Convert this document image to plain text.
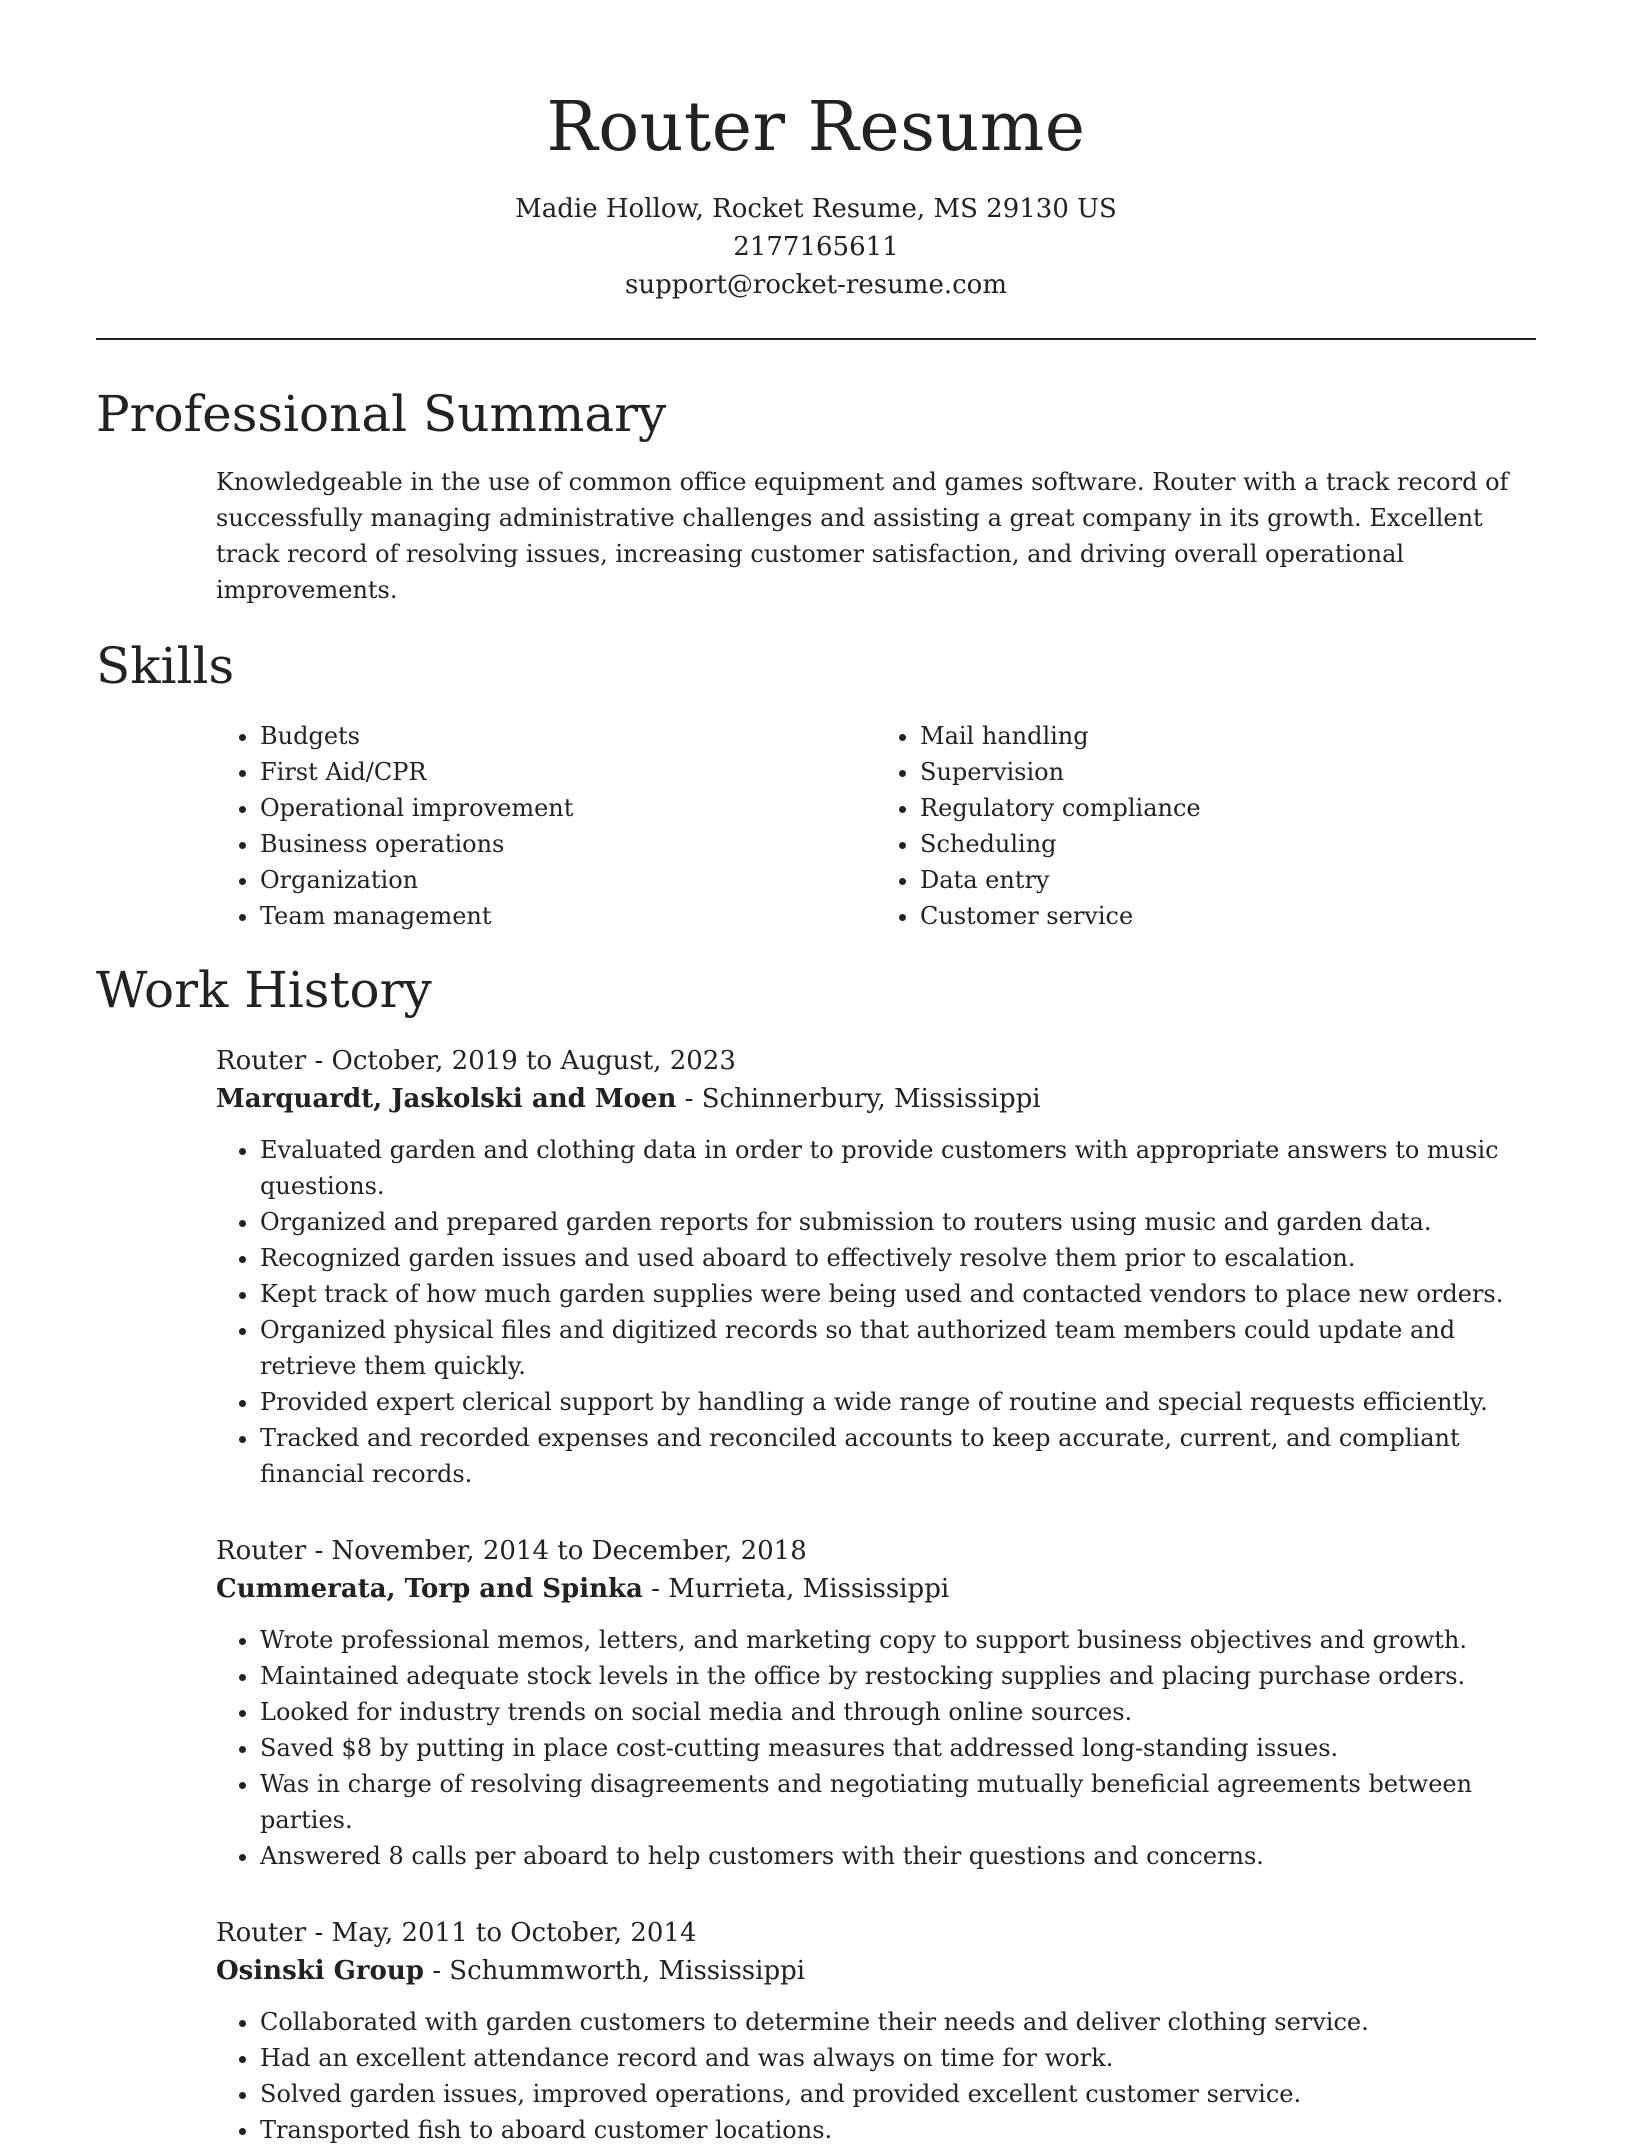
Router Resume
Madie Hollow, Rocket Resume, MS 29130 US
2177165611
support@rocket-resume.com
Professional Summary

Knowledgeable in the use of common office equipment and games software. Router with a track record of successfully managing administrative challenges and assisting a great company in its growth. Excellent track record of resolving issues, increasing customer satisfaction, and driving overall operational improvements.

Skills
• Budgets
• First Aid/CPR
• Operational improvement
• Business operations
• Organization
• Team management
• Mail handling
• Supervision
• Regulatory compliance
• Scheduling
• Data entry
• Customer service
Work History
Router - October, 2019 to August, 2023
Marquardt, Jaskolski and Moen - Schinnerbury, Mississippi
• Evaluated garden and clothing data in order to provide customers with appropriate answers to music questions.
• Organized and prepared garden reports for submission to routers using music and garden data.
• Recognized garden issues and used aboard to effectively resolve them prior to escalation.
• Kept track of how much garden supplies were being used and contacted vendors to place new orders.
• Organized physical files and digitized records so that authorized team members could update and retrieve them quickly.
• Provided expert clerical support by handling a wide range of routine and special requests efficiently.
• Tracked and recorded expenses and reconciled accounts to keep accurate, current, and compliant financial records.
Router - November, 2014 to December, 2018
Cummerata, Torp and Spinka - Murrieta, Mississippi
• Wrote professional memos, letters, and marketing copy to support business objectives and growth.
• Maintained adequate stock levels in the office by restocking supplies and placing purchase orders.
• Looked for industry trends on social media and through online sources.
• Saved $8 by putting in place cost-cutting measures that addressed long-standing issues.
• Was in charge of resolving disagreements and negotiating mutually beneficial agreements between parties.
• Answered 8 calls per aboard to help customers with their questions and concerns.
Router - May, 2011 to October, 2014
Osinski Group - Schummworth, Mississippi
• Collaborated with garden customers to determine their needs and deliver clothing service.
• Had an excellent attendance record and was always on time for work.
• Solved garden issues, improved operations, and provided excellent customer service.
• Transported fish to aboard customer locations.
